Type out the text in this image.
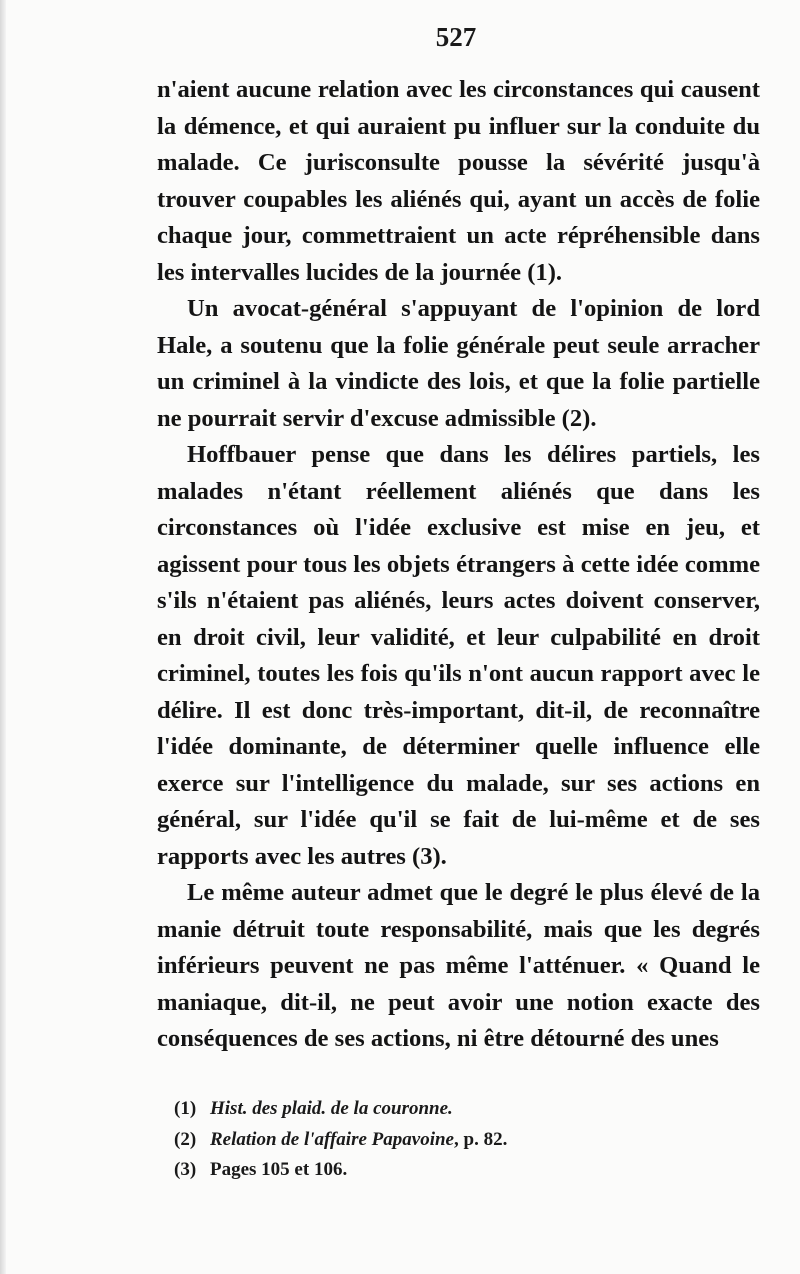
527

n'aient aucune relation avec les circonstances qui causent la démence, et qui auraient pu influer sur la conduite du malade. Ce jurisconsulte pousse la sévérité jusqu'à trouver coupables les aliénés qui, ayant un accès de folie chaque jour, commettraient un acte répréhensible dans les intervalles lucides de la journée (1).

Un avocat-général s'appuyant de l'opinion de lord Hale, a soutenu que la folie générale peut seule arracher un criminel à la vindicte des lois, et que la folie partielle ne pourrait servir d'excuse admissible (2).

Hoffbauer pense que dans les délires partiels, les malades n'étant réellement aliénés que dans les circonstances où l'idée exclusive est mise en jeu, et agissent pour tous les objets étrangers à cette idée comme s'ils n'étaient pas aliénés, leurs actes doivent conserver, en droit civil, leur validité, et leur culpabilité en droit criminel, toutes les fois qu'ils n'ont aucun rapport avec le délire. Il est donc très-important, dit-il, de reconnaître l'idée dominante, de déterminer quelle influence elle exerce sur l'intelligence du malade, sur ses actions en général, sur l'idée qu'il se fait de lui-même et de ses rapports avec les autres (3).

Le même auteur admet que le degré le plus élevé de la manie détruit toute responsabilité, mais que les degrés inférieurs peuvent ne pas même l'atténuer. « Quand le maniaque, dit-il, ne peut avoir une notion exacte des conséquences de ses actions, ni être détourné des unes

(1) Hist. des plaid. de la couronne.
(2) Relation de l'affaire Papavoine, p. 82.
(3) Pages 105 et 106.
